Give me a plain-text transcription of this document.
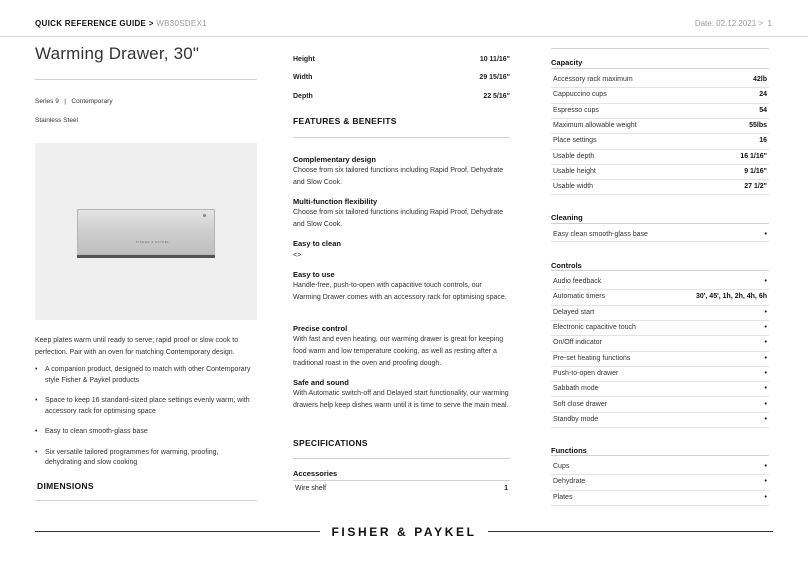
QUICK REFERENCE GUIDE > WB30SDEX1	Date: 02.12.2021 > 1
Warming Drawer, 30"
Series 9 | Contemporary
Stainless Steel
FISHER & PAYKEL
Keep plates warm until ready to serve; rapid proof or slow cook to perfection. Pair with an oven for matching Contemporary design.
• A companion product, designed to match with other Contemporary style Fisher & Paykel products
• Space to keep 16 standard-sized place settings evenly warm, with accessory rack for optimising space
• Easy to clean smooth-glass base
• Six versatile tailored programmes for warming, proofing, dehydrating and slow cooking
DIMENSIONS
Height	10 11/16"
Width	29 15/16"
Depth	22 5/16"
FEATURES & BENEFITS
Complementary design
Choose from six tailored functions including Rapid Proof, Dehydrate and Slow Cook.
Multi-function flexibility
Choose from six tailored functions including Rapid Proof, Dehydrate and Slow Cook.
Easy to clean
<>
Easy to use
Handle-free, push-to-open with capacitive touch controls, our Warming Drawer comes with an accessory rack for optimising space.
Precise control
With fast and even heating, our warming drawer is great for keeping food warm and low temperature cooking, as well as resting after a traditional roast in the oven and proofing dough.
Safe and sound
With Automatic switch-off and Delayed start functionality, our warming drawers help keep dishes warm until it is time to serve the main meal.
SPECIFICATIONS
Accessories
Wire shelf	1
Capacity
Accessory rack maximum	42lb
Cappuccino cups	24
Espresso cups	54
Maximum allowable weight	55lbs
Place settings	16
Usable depth	16 1/16"
Usable height	9 1/16"
Usable width	27 1/2"
Cleaning
Easy clean smooth-glass base	•
Controls
Audio feedback	•
Automatic timers	30', 45', 1h, 2h, 4h, 6h
Delayed start	•
Electronic capacitive touch	•
On/Off indicator	•
Pre-set heating functions	•
Push-to-open drawer	•
Sabbath mode	•
Soft close drawer	•
Standby mode	•
Functions
Cups	•
Dehydrate	•
Plates	•
FISHER & PAYKEL
